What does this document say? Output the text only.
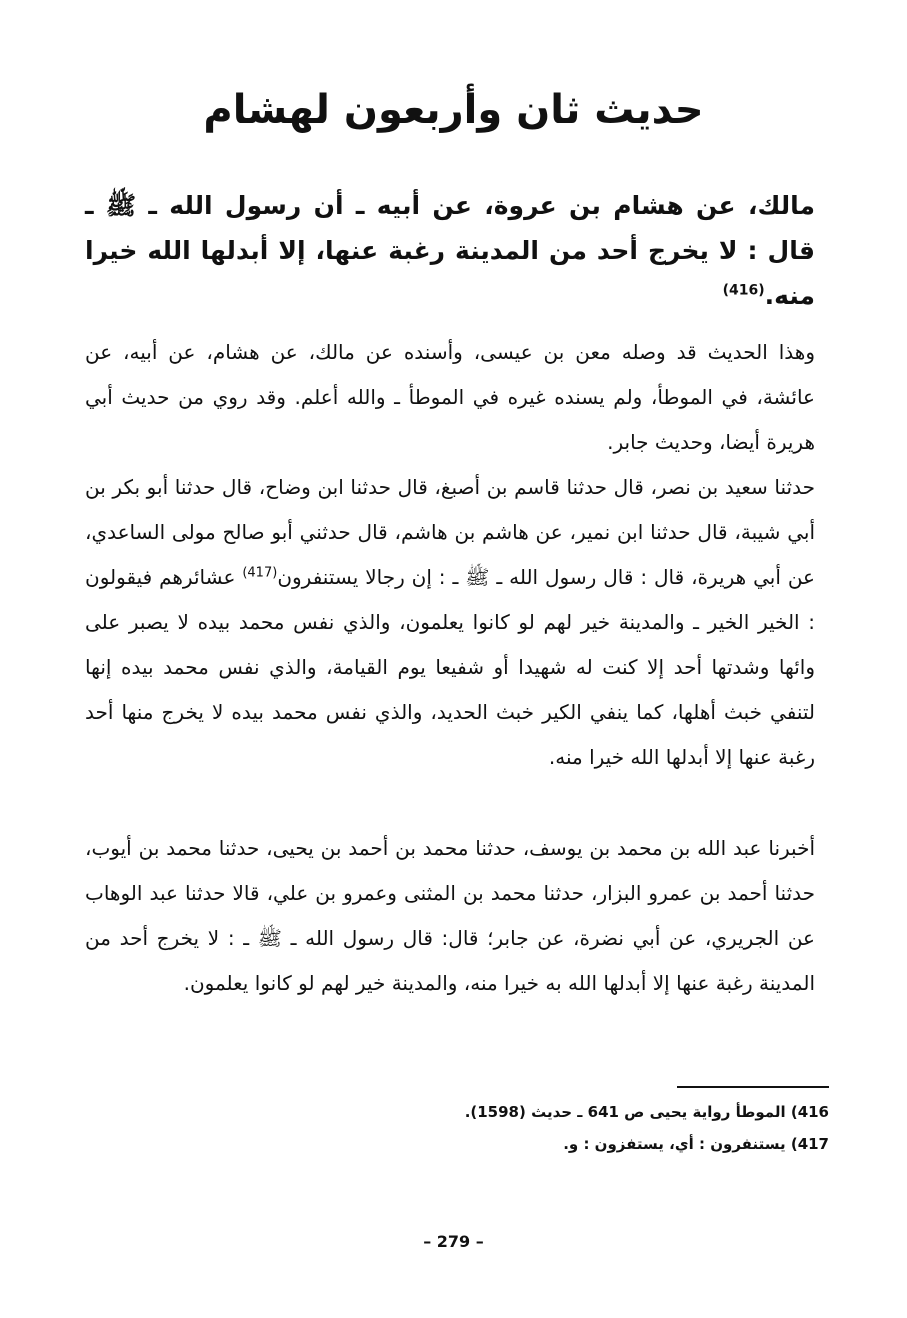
حديث ثان وأربعون لهشام

مالك، عن هشام بن عروة، عن أبيه ـ أن رسول الله ـ ﷺ ـ قال : لا يخرج أحد من المدينة رغبة عنها، إلا أبدلها الله خيرا منه.$^{(416)}$

وهذا الحديث قد وصله معن بن عيسى، وأسنده عن مالك، عن هشام، عن أبيه، عن عائشة، في الموطأ، ولم يسنده غيره في الموطأ ـ والله أعلم. وقد روي من حديث أبي هريرة أيضا، وحديث جابر.

حدثنا سعيد بن نصر، قال حدثنا قاسم بن أصبغ، قال حدثنا ابن وضاح، قال حدثنا أبو بكر بن أبي شيبة، قال حدثنا ابن نمير، عن هاشم بن هاشم، قال حدثني أبو صالح مولى الساعدي، عن أبي هريرة، قال : قال رسول الله ـ ﷺ ـ : إن رجالا يستنفرون$^{(417)}$ عشائرهم فيقولون : الخير الخير ـ والمدينة خير لهم لو كانوا يعلمون، والذي نفس محمد بيده لا يصبر على وائها وشدتها أحد إلا كنت له شهيدا أو شفيعا يوم القيامة، والذي نفس محمد بيده إنها لتنفي خبث أهلها، كما ينفي الكير خبث الحديد، والذي نفس محمد بيده لا يخرج منها أحد رغبة عنها إلا أبدلها الله خيرا منه.

أخبرنا عبد الله بن محمد بن يوسف، حدثنا محمد بن أحمد بن يحيى، حدثنا محمد بن أيوب، حدثنا أحمد بن عمرو البزار، حدثنا محمد بن المثنى وعمرو بن علي، قالا حدثنا عبد الوهاب عن الجريري، عن أبي نضرة، عن جابر؛ قال: قال رسول الله ـ ﷺ ـ : لا يخرج أحد من المدينة رغبة عنها إلا أبدلها الله به خيرا منه، والمدينة خير لهم لو كانوا يعلمون.

416) الموطأ رواية يحيى ص 641 ـ حديث (1598).
417) يستنفرون : أي، يستفزون : و.
– 279 –
